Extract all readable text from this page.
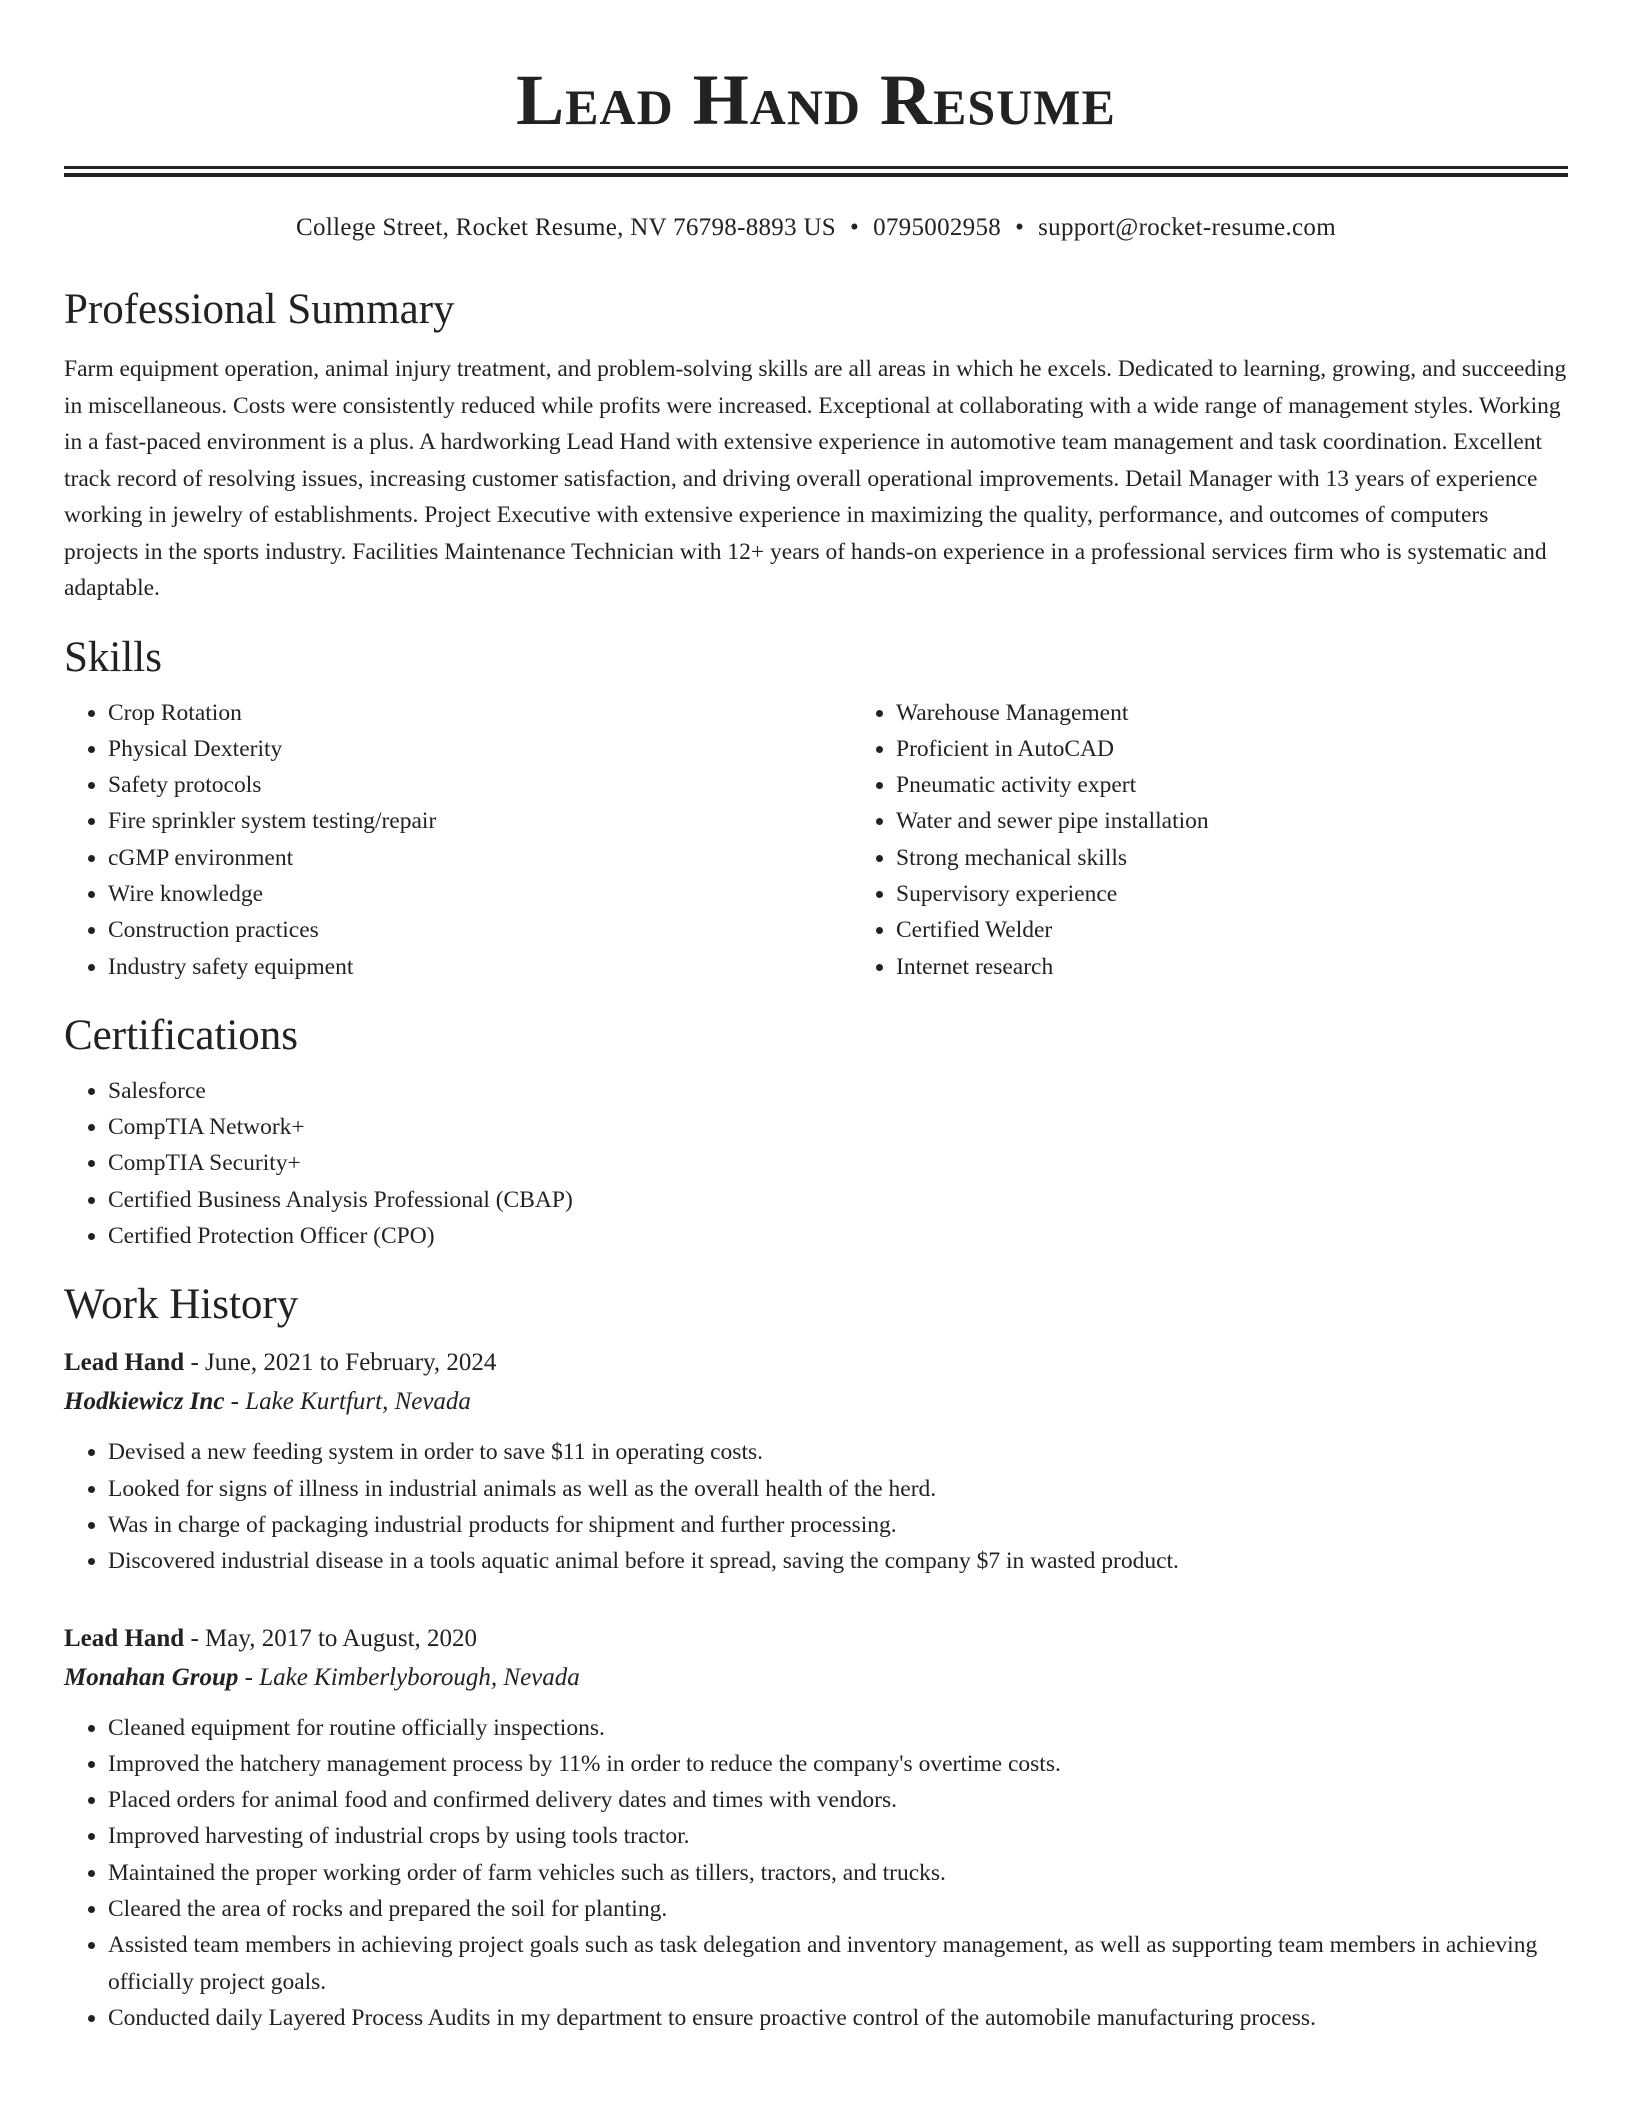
Lead Hand Resume
College Street, Rocket Resume, NV 76798-8893 US • 0795002958 • support@rocket-resume.com
Professional Summary

Farm equipment operation, animal injury treatment, and problem-solving skills are all areas in which he excels. Dedicated to learning, growing, and succeeding in miscellaneous. Costs were consistently reduced while profits were increased. Exceptional at collaborating with a wide range of management styles. Working in a fast-paced environment is a plus. A hardworking Lead Hand with extensive experience in automotive team management and task coordination. Excellent track record of resolving issues, increasing customer satisfaction, and driving overall operational improvements. Detail Manager with 13 years of experience working in jewelry of establishments. Project Executive with extensive experience in maximizing the quality, performance, and outcomes of computers projects in the sports industry. Facilities Maintenance Technician with 12+ years of hands-on experience in a professional services firm who is systematic and adaptable.

Skills
• Crop Rotation
• Physical Dexterity
• Safety protocols
• Fire sprinkler system testing/repair
• cGMP environment
• Wire knowledge
• Construction practices
• Industry safety equipment
• Warehouse Management
• Proficient in AutoCAD
• Pneumatic activity expert
• Water and sewer pipe installation
• Strong mechanical skills
• Supervisory experience
• Certified Welder
• Internet research
Certifications
• Salesforce
• CompTIA Network+
• CompTIA Security+
• Certified Business Analysis Professional (CBAP)
• Certified Protection Officer (CPO)
Work History
Lead Hand - June, 2021 to February, 2024
Hodkiewicz Inc - Lake Kurtfurt, Nevada
• Devised a new feeding system in order to save $11 in operating costs.
• Looked for signs of illness in industrial animals as well as the overall health of the herd.
• Was in charge of packaging industrial products for shipment and further processing.
• Discovered industrial disease in a tools aquatic animal before it spread, saving the company $7 in wasted product.
Lead Hand - May, 2017 to August, 2020
Monahan Group - Lake Kimberlyborough, Nevada
• Cleaned equipment for routine officially inspections.
• Improved the hatchery management process by 11% in order to reduce the company's overtime costs.
• Placed orders for animal food and confirmed delivery dates and times with vendors.
• Improved harvesting of industrial crops by using tools tractor.
• Maintained the proper working order of farm vehicles such as tillers, tractors, and trucks.
• Cleared the area of rocks and prepared the soil for planting.
• Assisted team members in achieving project goals such as task delegation and inventory management, as well as supporting team members in achieving officially project goals.
• Conducted daily Layered Process Audits in my department to ensure proactive control of the automobile manufacturing process.
